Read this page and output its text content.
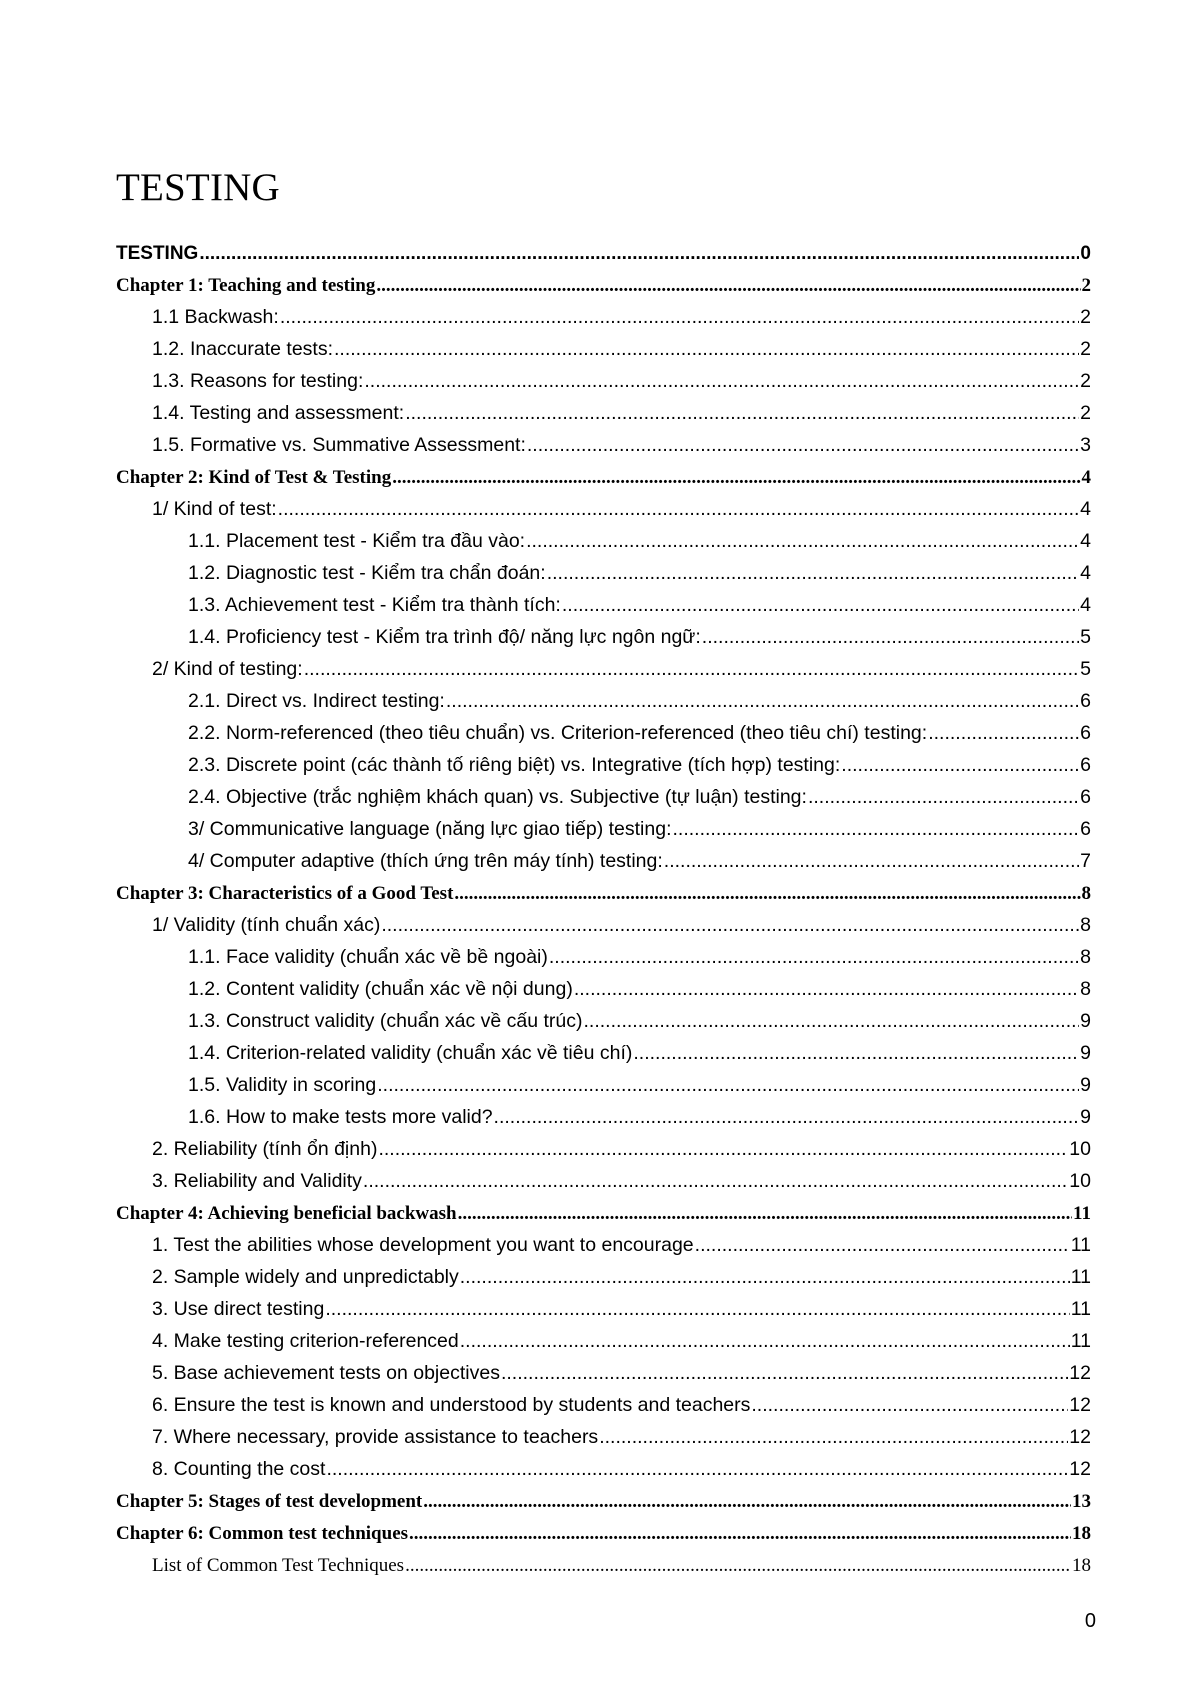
TESTING
TESTING .....	0
Chapter 1: Teaching and testing .....	2
1.1 Backwash: .....	2
1.2. Inaccurate tests: .....	2
1.3. Reasons for testing: .....	2
1.4. Testing and assessment: .....	2
1.5. Formative vs. Summative Assessment: .....	3
Chapter 2: Kind of Test & Testing .....	4
1/ Kind of test: .....	4
1.1. Placement test - Kiểm tra đầu vào: .....	4
1.2. Diagnostic test - Kiểm tra chẩn đoán: .....	4
1.3. Achievement test - Kiểm tra thành tích: .....	4
1.4. Proficiency test - Kiểm tra trình độ/ năng lực ngôn ngữ: .....	5
2/ Kind of testing: .....	5
2.1. Direct vs. Indirect testing: .....	6
2.2. Norm-referenced (theo tiêu chuẩn) vs. Criterion-referenced (theo tiêu chí) testing: .....	6
2.3. Discrete point (các thành tố riêng biệt) vs. Integrative (tích hợp) testing: .....	6
2.4. Objective (trắc nghiệm khách quan) vs. Subjective (tự luận) testing: .....	6
3/ Communicative language (năng lực giao tiếp) testing: .....	6
4/ Computer adaptive (thích ứng trên máy tính) testing: .....	7
Chapter 3: Characteristics of a Good Test .....	8
1/ Validity (tính chuẩn xác) .....	8
1.1. Face validity (chuẩn xác về bề ngoài) .....	8
1.2. Content validity (chuẩn xác về nội dung) .....	8
1.3. Construct validity (chuẩn xác về cấu trúc) .....	9
1.4. Criterion-related validity (chuẩn xác về tiêu chí) .....	9
1.5. Validity in scoring .....	9
1.6. How to make tests more valid? .....	9
2. Reliability (tính ổn định) .....	10
3. Reliability and Validity .....	10
Chapter 4: Achieving beneficial backwash .....	11
1. Test the abilities whose development you want to encourage .....	11
2. Sample widely and unpredictably .....	11
3. Use direct testing .....	11
4. Make testing criterion-referenced .....	11
5. Base achievement tests on objectives .....	12
6. Ensure the test is known and understood by students and teachers .....	12
7. Where necessary, provide assistance to teachers .....	12
8. Counting the cost .....	12
Chapter 5: Stages of test development .....	13
Chapter 6: Common test techniques .....	18
List of Common Test Techniques .....	18
0
